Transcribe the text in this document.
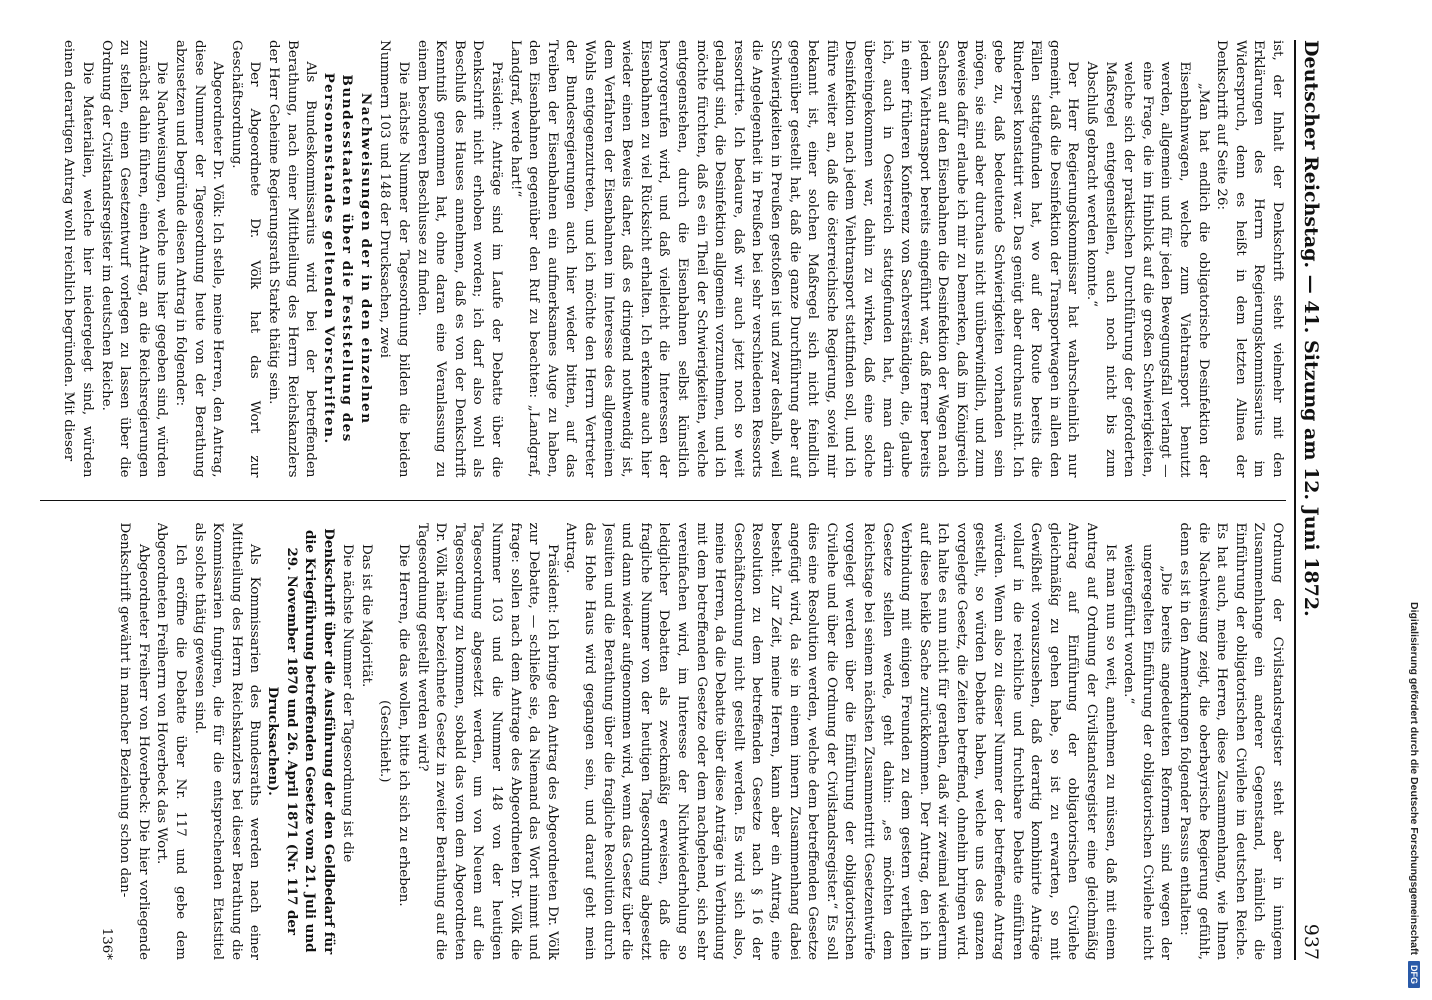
Deutscher Reichstag. — 41. Sitzung am 12. Juni 1872.
937

ist, der Inhalt der Denkschrift steht vielmehr mit den Erklärungen des Herrn Regierungskommissarius im Widerspruch, denn es heißt in dem letzten Alinea der Denkschrift auf Seite 26:

„Man hat endlich die obligatorische Desinfektion der Eisenbahnwagen, welche zum Viehtransport benutzt werden, allgemein und für jeden Bewegungsfall verlangt — eine Frage, die im Hinblick auf die großen Schwierigkeiten, welche sich der praktischen Durchführung der geforderten Maßregel entgegenstellen, auch noch nicht bis zum Abschluß gebracht werden konnte.“

Der Herr Regierungskommissar hat wahrscheinlich nur gemeint, daß die Desinfektion der Transportwagen in allen den Fällen stattgefunden hat, wo auf der Route bereits die Rinderpest konstatirt war. Das genügt aber durchaus nicht. Ich gebe zu, daß bedeutende Schwierigkeiten vorhanden sein mögen, sie sind aber durchaus nicht unüberwindlich, und zum Beweise dafür erlaube ich mir zu bemerken, daß im Königreich Sachsen auf den Eisenbahnen die Desinfektion der Wagen nach jedem Viehtransport bereits eingeführt war, daß ferner bereits in einer früheren Konferenz von Sachverständigen, die, glaube ich, auch in Oesterreich stattgefunden hat, man darin übereingekommen war, dahin zu wirken, daß eine solche Desinfektion nach jedem Viehtransport stattfinden soll, und ich führe weiter an, daß die österreichische Regierung, soviel mir bekannt ist, einer solchen Maßregel sich nicht feindlich gegenüber gestellt hat, daß die ganze Durchführung aber auf Schwierigkeiten in Preußen gestoßen ist und zwar deshalb, weil die Angelegenheit in Preußen bei sehr verschiedenen Ressorts ressortirte. Ich bedaure, daß wir auch jetzt noch so weit gelangt sind, die Desinfektion allgemein vorzunehmen, und ich möchte fürchten, daß es ein Theil der Schwierigkeiten, welche entgegenstehen, durch die Eisenbahnen selbst künstlich hervorgerufen wird, und daß vielleicht die Interessen der Eisenbahnen zu viel Rücksicht erhalten. Ich erkenne auch hier wieder einen Beweis daher, daß es dringend nothwendig ist, dem Verfahren der Eisenbahnen im Interesse des allgemeinen Wohls entgegenzutreten, und ich möchte den Herrn Vertreter der Bundesregierungen auch hier wieder bitten, auf das Treiben der Eisenbahnen ein aufmerksames Auge zu haben, den Eisenbahnen gegenüber den Ruf zu beachten: „Landgraf, Landgraf, werde hart!“

Präsident: Anträge sind im Laufe der Debatte über die Denkschrift nicht erhoben worden; ich darf also wohl als Beschluß des Hauses annehmen, daß es von der Denkschrift Kenntniß genommen hat, ohne daran eine Veranlassung zu einem besonderen Beschlusse zu finden.

Die nächste Nummer der Tagesordnung bilden die beiden Nummern 103 und 148 der Drucksachen, zwei

Nachweisungen der in den einzelnen Bundesstaaten über die Feststellung des Personenstandes geltenden Vorschriften.

Als Bundeskommissarius wird bei der betreffenden Berathung, nach einer Mittheilung des Herrn Reichskanzlers der Herr Geheime Regierungsrath Starke thätig sein.

Der Abgeordnete Dr. Völk hat das Wort zur Geschäftsordnung.

Abgeordneter Dr. Völk: Ich stelle, meine Herren, den Antrag, diese Nummer der Tagesordnung heute von der Berathung abzusetzen und begründe diesen Antrag in folgender:

Die Nachweisungen, welche uns hier gegeben sind, würden zunächst dahin führen, einen Antrag, an die Reichsregierungen zu stellen, einen Gesetzentwurf vorlegen zu lassen über die Ordnung der Civilstandsregister im deutschen Reiche.

Die Materialien, welche hier niedergelegt sind, würden einen derartigen Antrag wohl reichlich begründen. Mit dieser

Ordnung der Civilstandsregister steht aber in innigem Zusammenhange ein anderer Gegenstand, nämlich die Einführung der obligatorischen Civilehe im deutschen Reiche. Es hat auch, meine Herren, diese Zusammenhang, wie Ihnen die Nachweisung zeigt, die oberbayrische Regierung gefühlt, denn es ist in den Anmerkungen folgender Passus enthalten:

„Die bereits angedeuteten Reformen sind wegen der ungeregelten Einführung der obligatorischen Civilehe nicht weitergeführt worden.“

Ist man nun so weit, annehmen zu müssen, daß mit einem Antrag auf Ordnung der Civilstandsregister eine gleichmäßig Antrag auf Einführung der obligatorischen Civilehe gleichmäßig zu gehen habe, so ist zu erwarten, so mit Gewißheit vorauszusehen, daß derartig kombinirte Anträge vollauf in die reichliche und fruchtbare Debatte einführen würden. Wenn also zu dieser Nummer der betreffende Antrag gestellt, so würden Debatte haben, welche uns des ganzen vorgelegte Gesetz, die Zeiten betreffend, ohnehin bringen wird. Ich halte es nun nicht für gerathen, daß wir zweimal wiederum auf diese heikle Sache zurückkommen. Der Antrag, den ich in Verbindung mit einigen Freunden zu dem gestern vertheilten Gesetze stellen werde, geht dahin: „es möchten dem Reichstage bei seinem nächsten Zusammentritt Gesetzentwürfe vorgelegt werden über die Einführung der obligatorischen Civilehe und über die Ordnung der Civilstandsregister.“ Es soll dies eine Resolution werden, welche dem betreffenden Gesetze angefügt wird, da sie in einem innern Zusammenhang dabei besteht. Zur Zeit, meine Herren, kann aber ein Antrag, eine Resolution zu dem betreffenden Gesetze nach § 16 der Geschäftsordnung nicht gestellt werden. Es wird sich also, meine Herren, da die Debatte über diese Anträge in Verbindung mit dem betreffenden Gesetze oder dem nachgehend, sich sehr vereinfachen wird, im Interesse der Nichtwiederholung so lediglicher Debatten als zweckmäßig erweisen, daß die fragliche Nummer von der heutigen Tagesordnung abgesetzt und dann wieder aufgenommen wird, wenn das Gesetz über die Jesuiten und die Berathung über die fragliche Resolution durch das Hohe Haus wird gegangen sein, und darauf geht mein Antrag.

Präsident: Ich bringe den Antrag des Abgeordneten Dr. Völk zur Debatte, — schließe sie, da Niemand das Wort nimmt und frage: sollen nach dem Antrage des Abgeordneten Dr. Völk die Nummer 103 und die Nummer 148 von der heutigen Tagesordnung abgesetzt werden, um von Neuem auf die Tagesordnung zu kommen, sobald das vom dem Abgeordneten Dr. Völk näher bezeichnete Gesetz in zweiter Berathung auf die Tagesordnung gestellt werden wird?

Die Herren, die das wollen, bitte ich sich zu erheben.

(Geschieht.)

Das ist die Majorität.

Die nächste Nummer der Tagesordnung ist die

Denkschrift über die Ausführung der den Geldbedarf für die Kriegführung betreffenden Gesetze vom 21. Juli und 29. November 1870 und 26. April 1871 (Nr. 117 der Drucksachen).

Als Kommissarien des Bundesraths werden nach einer Mittheilung des Herrn Reichskanzlers bei dieser Berathung die Kommissarien fungiren, die für die entsprechenden Etatstitel als solche thätig gewesen sind.

Ich eröffne die Debatte über Nr. 117 und gebe dem Abgeordneten Freiherrn von Hoverbeck das Wort.

Abgeordneter Freiherr von Hoverbeck: Die hier vorliegende Denkschrift gewährt in mancher Beziehung schon dan-

136*	Digitalisierung gefördert durch die Deutsche Forschungsgemeinschaft
DFG
